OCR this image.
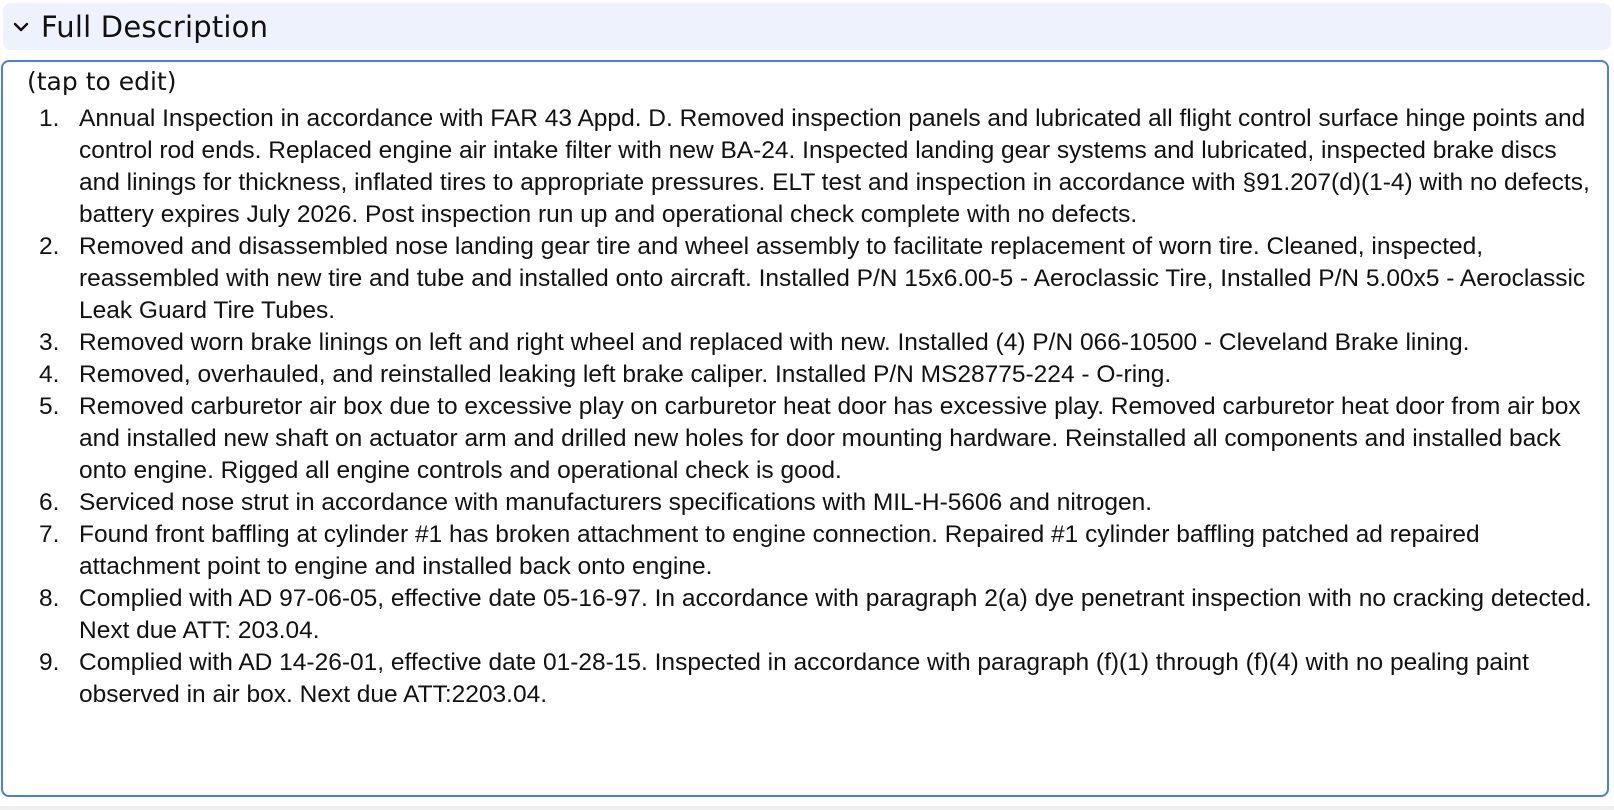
Full Description
(tap to edit)
1. Annual Inspection in accordance with FAR 43 Appd. D. Removed inspection panels and lubricated all flight control surface hinge points and control rod ends. Replaced engine air intake filter with new BA-24. Inspected landing gear systems and lubricated, inspected brake discs and linings for thickness, inflated tires to appropriate pressures. ELT test and inspection in accordance with §91.207(d)(1-4) with no defects, battery expires July 2026. Post inspection run up and operational check complete with no defects.
2. Removed and disassembled nose landing gear tire and wheel assembly to facilitate replacement of worn tire. Cleaned, inspected, reassembled with new tire and tube and installed onto aircraft. Installed P/N 15x6.00-5 - Aeroclassic Tire, Installed P/N 5.00x5 - Aeroclassic Leak Guard Tire Tubes.
3. Removed worn brake linings on left and right wheel and replaced with new. Installed (4) P/N 066-10500 - Cleveland Brake lining.
4. Removed, overhauled, and reinstalled leaking left brake caliper. Installed P/N MS28775-224 - O-ring.
5. Removed carburetor air box due to excessive play on carburetor heat door has excessive play. Removed carburetor heat door from air box and installed new shaft on actuator arm and drilled new holes for door mounting hardware. Reinstalled all components and installed back onto engine. Rigged all engine controls and operational check is good.
6. Serviced nose strut in accordance with manufacturers specifications with MIL-H-5606 and nitrogen.
7. Found front baffling at cylinder #1 has broken attachment to engine connection. Repaired #1 cylinder baffling patched ad repaired attachment point to engine and installed back onto engine.
8. Complied with AD 97-06-05, effective date 05-16-97. In accordance with paragraph 2(a) dye penetrant inspection with no cracking detected. Next due ATT: 203.04.
9. Complied with AD 14-26-01, effective date 01-28-15. Inspected in accordance with paragraph (f)(1) through (f)(4) with no pealing paint observed in air box. Next due ATT:2203.04.
